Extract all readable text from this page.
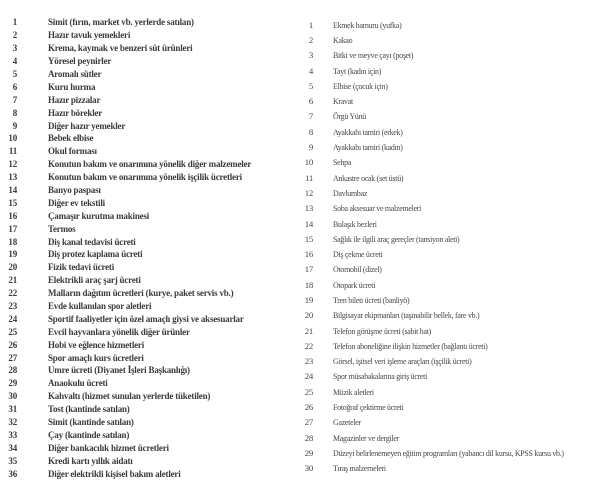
1	Simit (fırın, market vb. yerlerde satılan)
2	Hazır tavuk yemekleri
3	Krema, kaymak ve benzeri süt ürünleri
4	Yöresel peynirler
5	Aromalı sütler
6	Kuru hurma
7	Hazır pizzalar
8	Hazır börekler
9	Diğer hazır yemekler
10	Bebek elbise
11	Okul forması
12	Konutun bakım ve onarımına yönelik diğer malzemeler
13	Konutun bakım ve onarımına yönelik işçilik ücretleri
14	Banyo paspası
15	Diğer ev tekstili
16	Çamaşır kurutma makinesi
17	Termos
18	Diş kanal tedavisi ücreti
19	Diş protez kaplama ücreti
20	Fizik tedavi ücreti
21	Elektrikli araç şarj ücreti
22	Malların dağıtım ücretleri (kurye, paket servis vb.)
23	Evde kullanılan spor aletleri
24	Sportif faaliyetler için özel amaçlı giysi ve aksesuarlar
25	Evcil hayvanlara yönelik diğer ürünler
26	Hobi ve eğlence hizmetleri
27	Spor amaçlı kurs ücretleri
28	Umre ücreti (Diyanet İşleri Başkanlığı)
29	Anaokulu ücreti
30	Kahvaltı (hizmet sunulan yerlerde tüketilen)
31	Tost (kantinde satılan)
32	Simit (kantinde satılan)
33	Çay (kantinde satılan)
34	Diğer bankacılık hizmet ücretleri
35	Kredi kartı yıllık aidatı
36	Diğer elektrikli kişisel bakım aletleri
1 Ekmek hamuru (yufka)
2 Kakao
3 Bitki ve meyve çayı (poşet)
4 Tayt (kadın için)
5 Elbise (çocuk için)
6 Kravat
7 Örgü Yünü
8 Ayakkabı tamiri (erkek)
9 Ayakkabı tamiri (kadın)
10 Sehpa
11 Ankastre ocak (set üstü)
12 Davlumbaz
13 Soba aksesuar ve malzemeleri
14 Bulaşık bezleri
15 Sağlık ile ilgili araç gereçler (tansiyon aleti)
16 Diş çekme ücreti
17 Otomobil (dizel)
18 Otopark ücreti
19 Tren bileti ücreti (banliyö)
20 Bilgisayar ekipmanları (taşınabilir bellek, fare vb.)
21 Telefon görüşme ücreti (sabit hat)
22 Telefon aboneliğine ilişkin hizmetler (bağlantı ücreti)
23 Görsel, işitsel veri işleme araçları (işçilik ücreti)
24 Spor müsabakalarına giriş ücreti
25 Müzik aletleri
26 Fotoğraf çektirme ücreti
27 Gazeteler
28 Magazinler ve dergiler
29 Düzeyi belirlenemeyen eğitim programları (yabancı dil kursu, KPSS kursu vb.)
30 Tıraş malzemeleri
